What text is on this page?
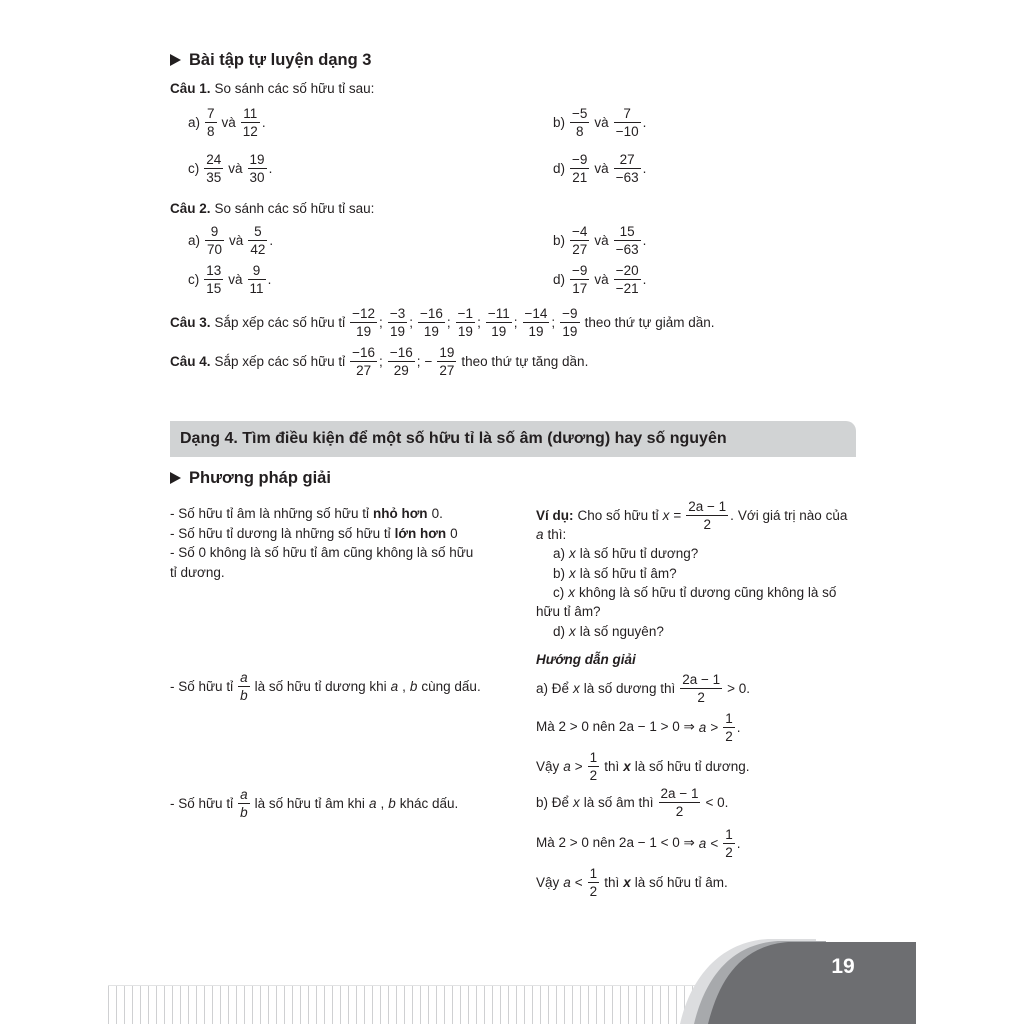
Bài tập tự luyện dạng 3
Câu 1. So sánh các số hữu tỉ sau:
$a) \frac{7}{8}$ và $\frac{11}{12}$ .	$b) \frac{-5}{8}$ và $\frac{7}{-10}$ .
$c) \frac{24}{35}$ và $\frac{19}{30}$ .	$d) \frac{-9}{21}$ và $\frac{27}{-63}$ .
Câu 2. So sánh các số hữu tỉ sau:
$a) \frac{9}{70}$ và $\frac{5}{42}$ .	$b) \frac{-4}{27}$ và $\frac{15}{-63}$ .
$c) \frac{13}{15}$ và $\frac{9}{11}$ .	$d) \frac{-9}{17}$ và $\frac{-20}{-21}$ .
Câu 3. Sắp xếp các số hữu tỉ $\frac{-12}{19}$ ; $\frac{-3}{19}$ ; $\frac{-16}{19}$ ; $\frac{-1}{19}$ ; $\frac{-11}{19}$ ; $\frac{-14}{19}$ ; $\frac{-9}{19}$ theo thứ tự giảm dần.
Câu 4. Sắp xếp các số hữu tỉ $\frac{-16}{27}$ ; $\frac{-16}{29}$ ; − $\frac{19}{27}$ theo thứ tự tăng dần.
Dạng 4. Tìm điều kiện để một số hữu tỉ là số âm (dương) hay số nguyên
Phương pháp giải
- Số hữu tỉ âm là những số hữu tỉ nhỏ hơn 0.
- Số hữu tỉ dương là những số hữu tỉ lớn hơn 0
- Số 0 không là số hữu tỉ âm cũng không là số hữu
tỉ dương.
- Số hữu tỉ $\frac{a}{b}$ là số hữu tỉ dương khi a , b cùng dấu.
- Số hữu tỉ $\frac{a}{b}$ là số hữu tỉ âm khi a , b khác dấu.
Ví dụ: Cho số hữu tỉ $x = \frac{2a - 1}{2}$ . Với giá trị nào của
a thì:
a) x là số hữu tỉ dương?
b) x là số hữu tỉ âm?
c) x không là số hữu tỉ dương cũng không là số
hữu tỉ âm?
d) x là số nguyên?
Hướng dẫn giải
a) Để x là số dương thì $\frac{2a - 1}{2} > 0$.
Mà 2 > 0 nên 2a − 1 > 0 ⇒ $a > \frac{1}{2}$ .
Vậy $a > \frac{1}{2}$ thì x là số hữu tỉ dương.
b) Để x là số âm thì $\frac{2a - 1}{2} < 0$.
Mà 2 > 0 nên 2a − 1 < 0 ⇒ $a < \frac{1}{2}$ .
Vậy $a < \frac{1}{2}$ thì x là số hữu tỉ âm.
19
